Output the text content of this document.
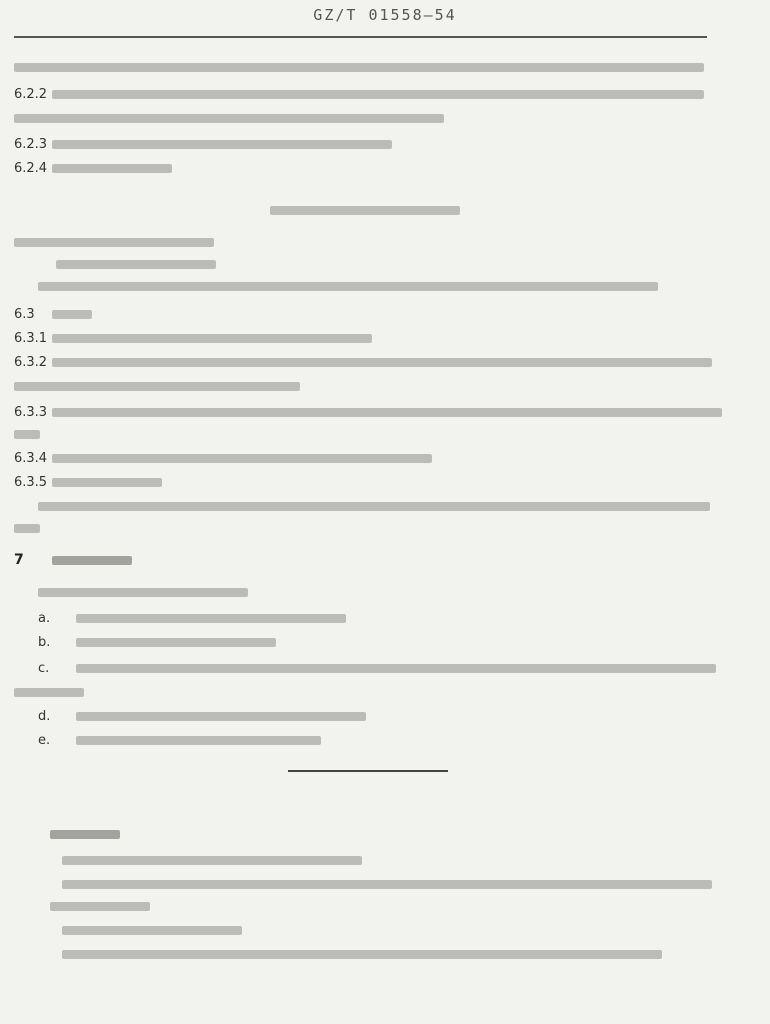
GZ/T 01558—54
6.2.2
6.2.3
6.2.4
6.3
6.3.1
6.3.2
6.3.3
6.3.4
6.3.5
7
a.
b.
c.
d.
e.
